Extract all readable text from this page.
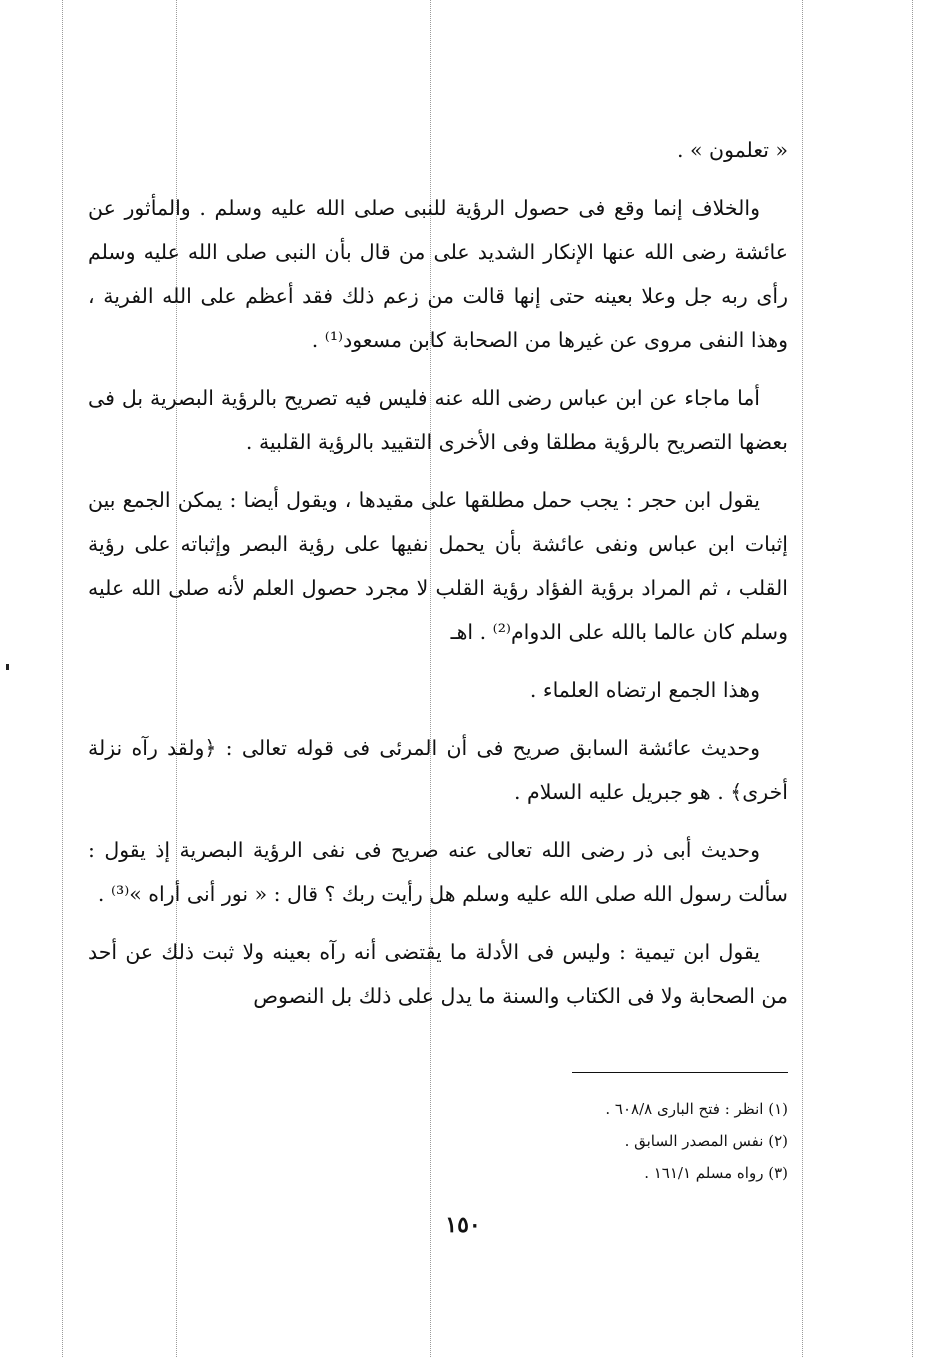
« تعلمون » .

والخلاف إنما وقع فى حصول الرؤية للنبى صلى الله عليه وسلم . والمأثور عن عائشة رضى الله عنها الإنكار الشديد على من قال بأن النبى صلى الله عليه وسلم رأى ربه جل وعلا بعينه حتى إنها قالت من زعم ذلك فقد أعظم على الله الفرية ، وهذا النفى مروى عن غيرها من الصحابة كابن مسعود⁽¹⁾ .

أما ماجاء عن ابن عباس رضى الله عنه فليس فيه تصريح بالرؤية البصرية بل فى بعضها التصريح بالرؤية مطلقا وفى الأخرى التقييد بالرؤية القلبية .

يقول ابن حجر : يجب حمل مطلقها على مقيدها ، ويقول أيضا : يمكن الجمع بين إثبات ابن عباس ونفى عائشة بأن يحمل نفيها على رؤية البصر وإثباته على رؤية القلب ، ثم المراد برؤية الفؤاد رؤية القلب لا مجرد حصول العلم لأنه صلى الله عليه وسلم كان عالما بالله على الدوام⁽²⁾ . اهـ

وهذا الجمع ارتضاه العلماء .

وحديث عائشة السابق صريح فى أن المرئى فى قوله تعالى : ﴿ولقد رآه نزلة أخرى﴾ . هو جبريل عليه السلام .

وحديث أبى ذر رضى الله تعالى عنه صريح فى نفى الرؤية البصرية إذ يقول : سألت رسول الله صلى الله عليه وسلم هل رأيت ربك ؟ قال : « نور أنى أراه »⁽³⁾ .

يقول ابن تيمية : وليس فى الأدلة ما يقتضى أنه رآه بعينه ولا ثبت ذلك عن أحد من الصحابة ولا فى الكتاب والسنة ما يدل على ذلك بل النصوص

(١) انظر : فتح البارى ٦٠٨/٨ .

(٢) نفس المصدر السابق .

(٣) رواه مسلم ١٦١/١ .

١٥٠
